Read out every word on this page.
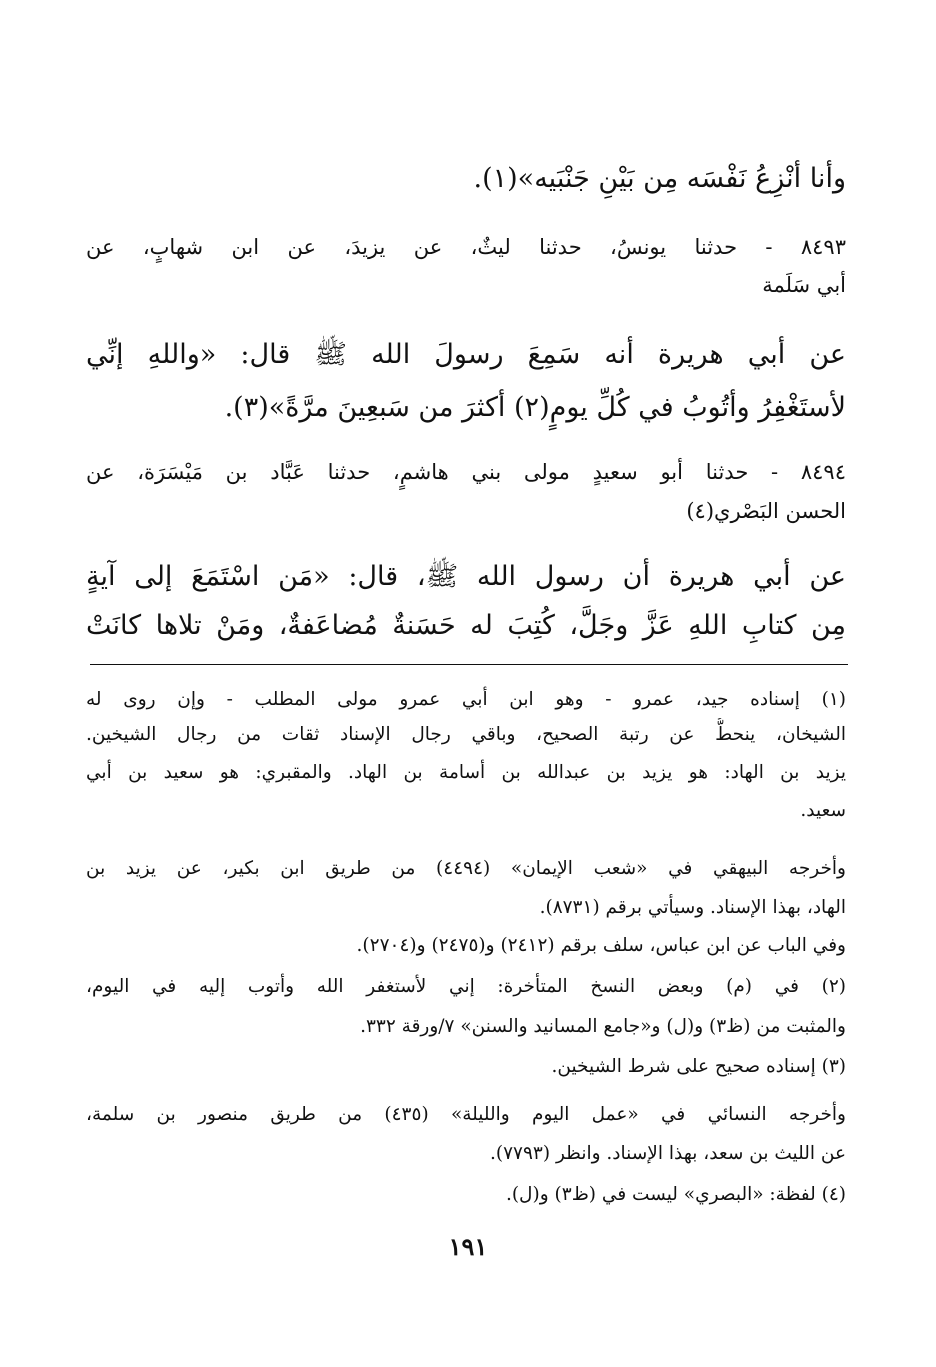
وأنا أنْزِعُ نَفْسَه مِن بَيْنِ جَنْبَيه»(١).
٨٤٩٣ - حدثنا يونسُ، حدثنا ليثٌ، عن يزيدَ، عن ابن شهابٍ، عن
أبي سَلَمة
عن أبي هريرة أنه سَمِعَ رسولَ الله ﷺ قال: «واللهِ إنِّي
لأستَغْفِرُ وأتُوبُ في كُلِّ يومٍ(٢) أكثرَ من سَبعِينَ مرَّةً»(٣).
٨٤٩٤ - حدثنا أبو سعيدٍ مولى بني هاشمٍ، حدثنا عَبَّاد بن مَيْسَرَة، عن
الحسن البَصْري(٤)
عن أبي هريرة أن رسول الله ﷺ، قال: «مَن اسْتَمَعَ إلى آيةٍ
مِن كتابِ اللهِ عَزَّ وجَلَّ، كُتِبَ له حَسَنةٌ مُضاعَفةٌ، ومَنْ تلاها كانَتْ
(١) إسناده جيد، عمرو - وهو ابن أبي عمرو مولى المطلب - وإن روى له
الشيخان، ينحطُّ عن رتبة الصحيح، وباقي رجال الإسناد ثقات من رجال الشيخين.
يزيد بن الهاد: هو يزيد بن عبدالله بن أسامة بن الهاد. والمقبري: هو سعيد بن أبي
سعيد.
وأخرجه البيهقي في «شعب الإيمان» (٤٤٩٤) من طريق ابن بكير، عن يزيد بن
الهاد، بهذا الإسناد. وسيأتي برقم (٨٧٣١).
وفي الباب عن ابن عباس، سلف برقم (٢٤١٢) و(٢٤٧٥) و(٢٧٠٤).
(٢) في (م) وبعض النسخ المتأخرة: إني لأستغفر الله وأتوب إليه في اليوم،
والمثبت من (ظ٣) و(ل) و«جامع المسانيد والسنن» ٧/ورقة ٣٣٢.
(٣) إسناده صحيح على شرط الشيخين.
وأخرجه النسائي في «عمل اليوم والليلة» (٤٣٥) من طريق منصور بن سلمة،
عن الليث بن سعد، بهذا الإسناد. وانظر (٧٧٩٣).
(٤) لفظة: «البصري» ليست في (ظ٣) و(ل).
١٩١
